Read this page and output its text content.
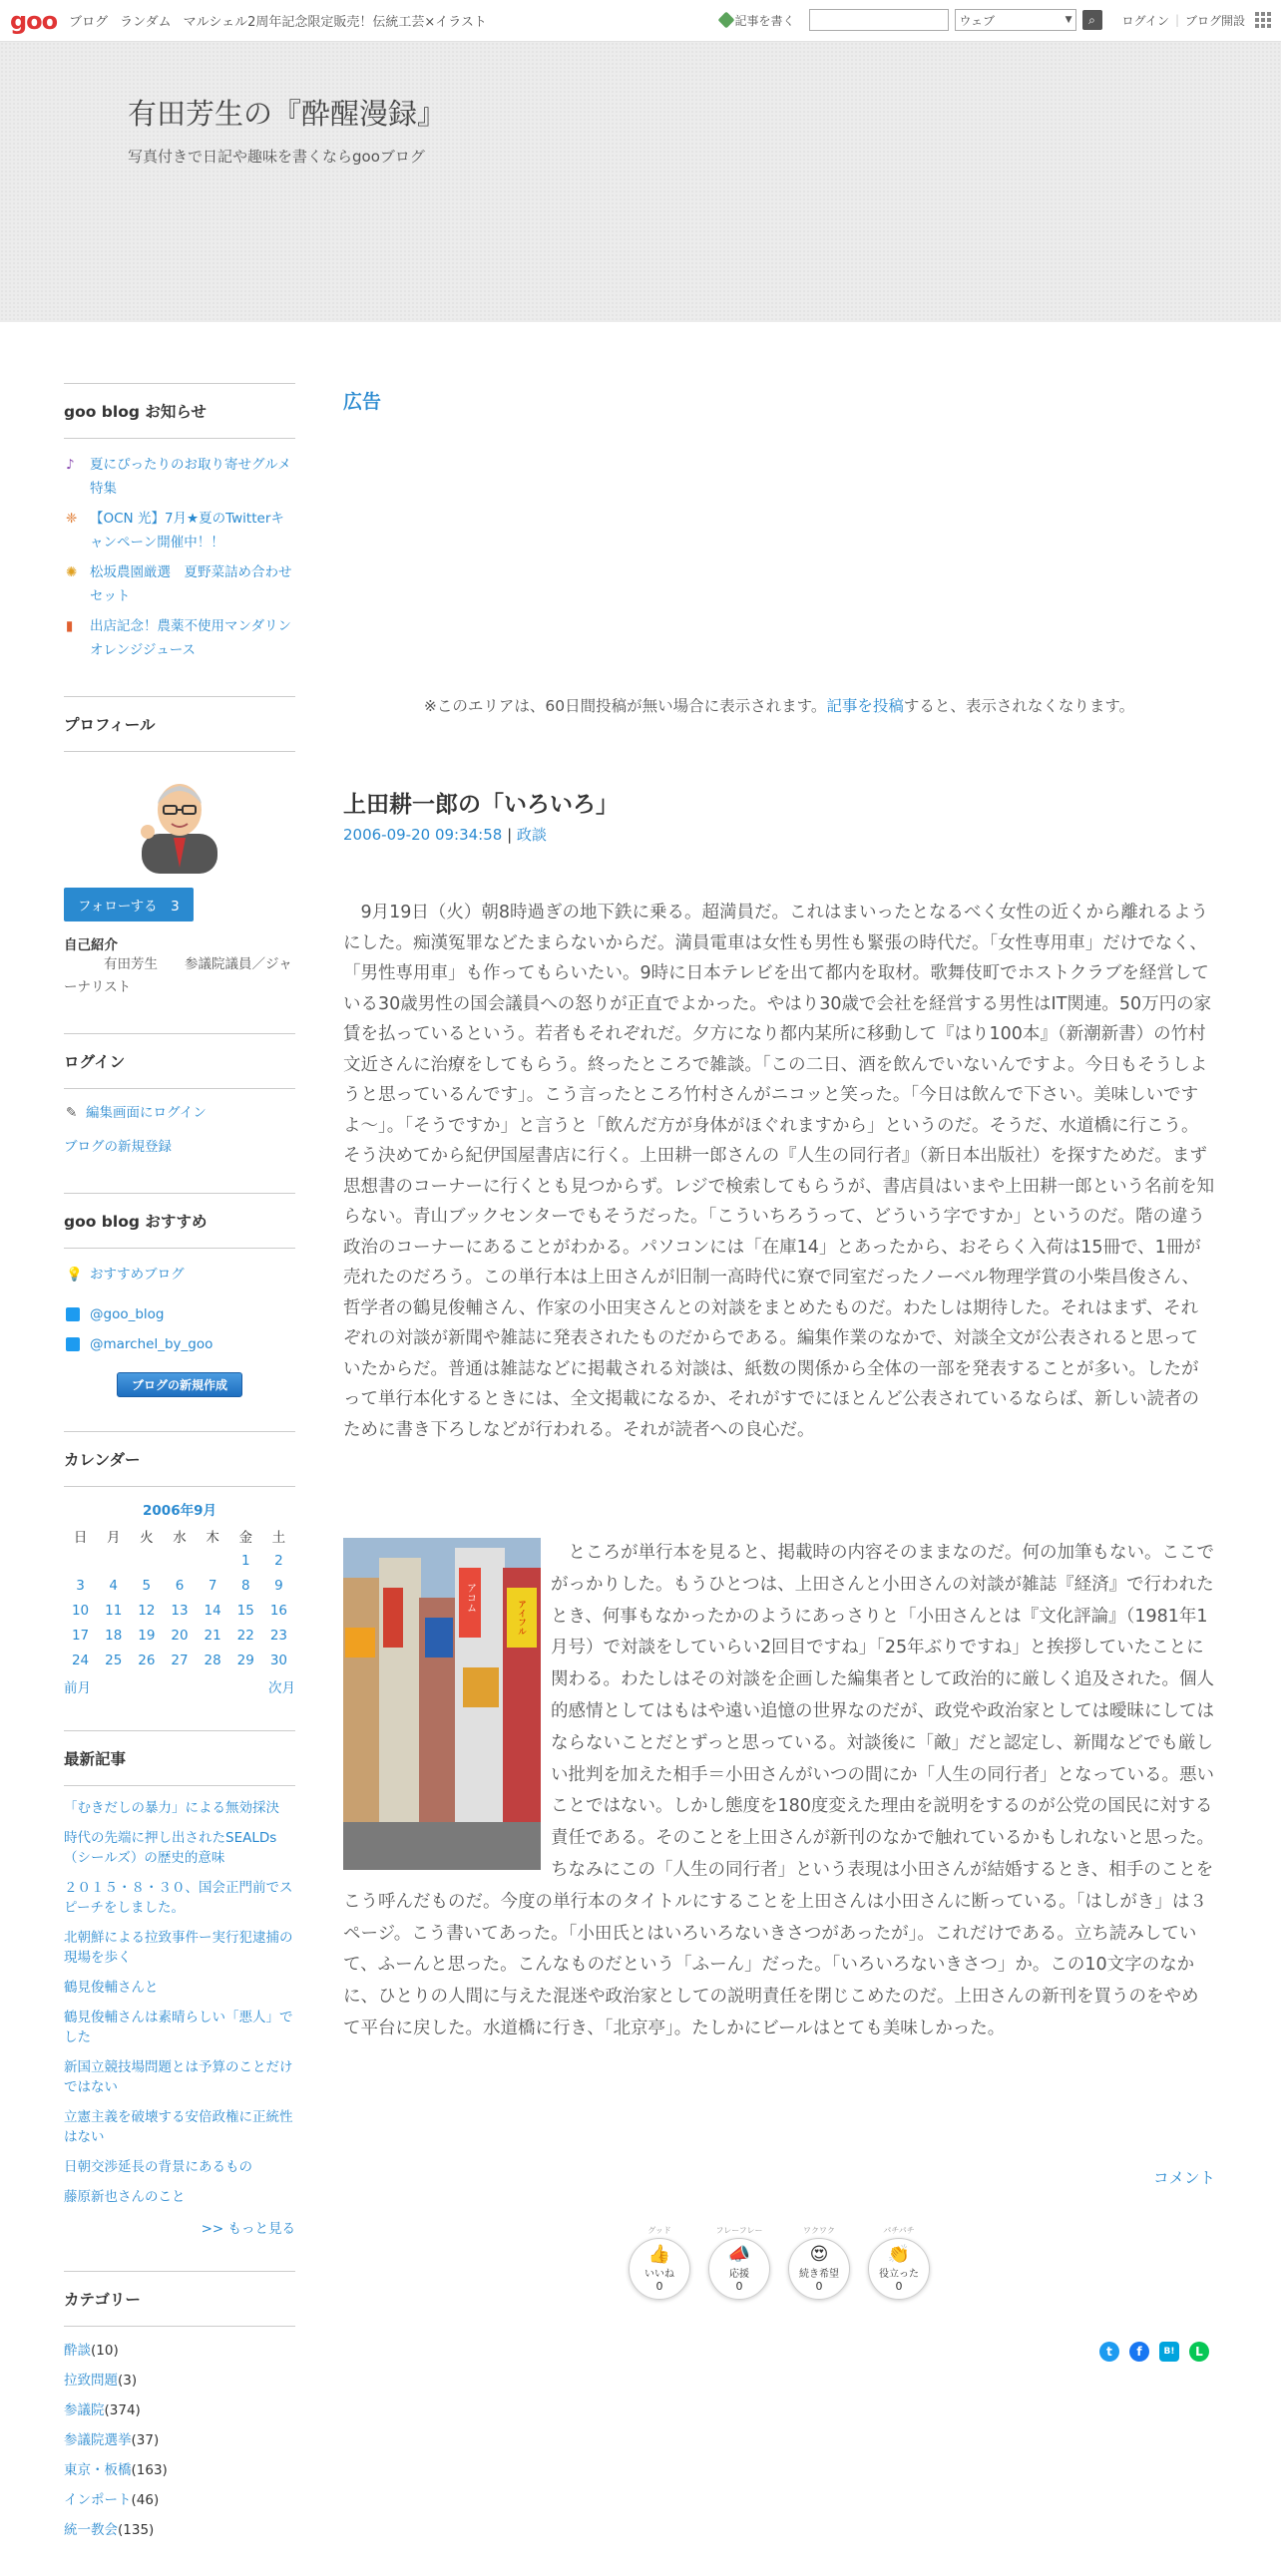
goo ブログ ランダム マルシェル2周年記念限定販売！伝統工芸×イラスト	記事を書く	ウェブ	▼ ⌕ ログイン | ブログ開設
有田芳生の『酔醒漫録』
写真付きで日記や趣味を書くならgooブログ
goo blog お知らせ
♪ 夏にぴったりのお取り寄せグルメ特集
❈ 【OCN 光】7月★夏のTwitterキャンペーン開催中！！
✺ 松坂農園厳選　夏野菜詰め合わせセット
▮ 出店記念！農薬不使用マンダリンオレンジジュース
プロフィール
フォローする　 3
自己紹介
有田芳生　　参議院議員／ジャーナリスト
ログイン
✎ 編集画面にログイン
ブログの新規登録
goo blog おすすめ
💡 おすすめブログ
@goo_blog
@marchel_by_goo
ブログの新規作成
カレンダー
2006年9月
日	月	火	水	木	金	土
					1	2
3	4	5	6	7	8	9
10	11	12	13	14	15	16
17	18	19	20	21	22	23
24	25	26	27	28	29	30
前月	次月
最新記事
「むきだしの暴力」による無効採決
時代の先端に押し出されたSEALDs（シールズ）の歴史的意味
２０１５・８・３０、国会正門前でスピーチをしました。
北朝鮮による拉致事件ー実行犯逮捕の現場を歩く
鶴見俊輔さんと
鶴見俊輔さんは素晴らしい「悪人」でした
新国立競技場問題とは予算のことだけではない
立憲主義を破壊する安倍政権に正統性はない
日朝交渉延長の背景にあるもの
藤原新也さんのこと
>> もっと見る
カテゴリー
酔談(10)
拉致問題(3)
参議院(374)
参議院選挙(37)
東京・板橋(163)
インポート(46)
統一教会(135)
広告
※このエリアは、60日間投稿が無い場合に表示されます。記事を投稿すると、表示されなくなります。
上田耕一郎の「いろいろ」
2006-09-20 09:34:58 | 政談

　9月19日（火）朝8時過ぎの地下鉄に乗る。超満員だ。これはまいったとなるべく女性の近くから離れるようにした。痴漢冤罪などたまらないからだ。満員電車は女性も男性も緊張の時代だ。「女性専用車」だけでなく、「男性専用車」も作ってもらいたい。9時に日本テレビを出て都内を取材。歌舞伎町でホストクラブを経営している30歳男性の国会議員への怒りが正直でよかった。やはり30歳で会社を経営する男性はIT関連。50万円の家賃を払っているという。若者もそれぞれだ。夕方になり都内某所に移動して『はり100本』（新潮新書）の竹村文近さんに治療をしてもらう。終ったところで雑談。「この二日、酒を飲んでいないんですよ。今日もそうしようと思っているんです」。こう言ったところ竹村さんがニコッと笑った。「今日は飲んで下さい。美味しいですよ～」。「そうですか」と言うと「飲んだ方が身体がほぐれますから」というのだ。そうだ、水道橋に行こう。そう決めてから紀伊国屋書店に行く。上田耕一郎さんの『人生の同行者』（新日本出版社）を探すためだ。まず思想書のコーナーに行くとも見つからず。レジで検索してもらうが、書店員はいまや上田耕一郎という名前を知らない。青山ブックセンターでもそうだった。「こういちろうって、どういう字ですか」というのだ。階の違う政治のコーナーにあることがわかる。パソコンには「在庫14」とあったから、おそらく入荷は15冊で、1冊が売れたのだろう。この単行本は上田さんが旧制一高時代に寮で同室だったノーベル物理学賞の小柴昌俊さん、哲学者の鶴見俊輔さん、作家の小田実さんとの対談をまとめたものだ。わたしは期待した。それはまず、それぞれの対談が新聞や雑誌に発表されたものだからである。編集作業のなかで、対談全文が公表されると思っていたからだ。普通は雑誌などに掲載される対談は、紙数の関係から全体の一部を発表することが多い。したがって単行本化するときには、全文掲載になるか、それがすでにほとんど公表されているならば、新しい読者のために書き下ろしなどが行われる。それが読者への良心だ。

アコム
アイフル
　ところが単行本を見ると、掲載時の内容そのままなのだ。何の加筆もない。ここでがっかりした。もうひとつは、上田さんと小田さんの対談が雑誌『経済』で行われたとき、何事もなかったかのようにあっさりと「小田さんとは『文化評論』（1981年1月号）で対談をしていらい2回目ですね」「25年ぶりですね」と挨拶していたことに関わる。わたしはその対談を企画した編集者として政治的に厳しく追及された。個人的感情としてはもはや遠い追憶の世界なのだが、政党や政治家としては曖昧にしてはならないことだとずっと思っている。対談後に「敵」だと認定し、新聞などでも厳しい批判を加えた相手＝小田さんがいつの間にか「人生の同行者」となっている。悪いことではない。しかし態度を180度変えた理由を説明をするのが公党の国民に対する責任である。そのことを上田さんが新刊のなかで触れているかもしれないと思った。ちなみにこの「人生の同行者」という表現は小田さんが結婚するとき、相手のことをこう呼んだものだ。今度の単行本のタイトルにすることを上田さんは小田さんに断っている。「はしがき」は３ページ。こう書いてあった。「小田氏とはいろいろないきさつがあったが」。これだけである。立ち読みしていて、ふーんと思った。こんなものだという「ふーん」だった。「いろいろないきさつ」か。この10文字のなかに、ひとりの人間に与えた混迷や政治家としての説明責任を閉じこめたのだ。上田さんの新刊を買うのをやめて平台に戻した。水道橋に行き、「北京亭」。たしかにビールはとても美味しかった。
コメント
グッド
👍
いいね
0
フレーフレー
📣
応援
0
ワクワク
😍
続き希望
0
パチパチ
👏
役立った
0
t	f	B!	L
